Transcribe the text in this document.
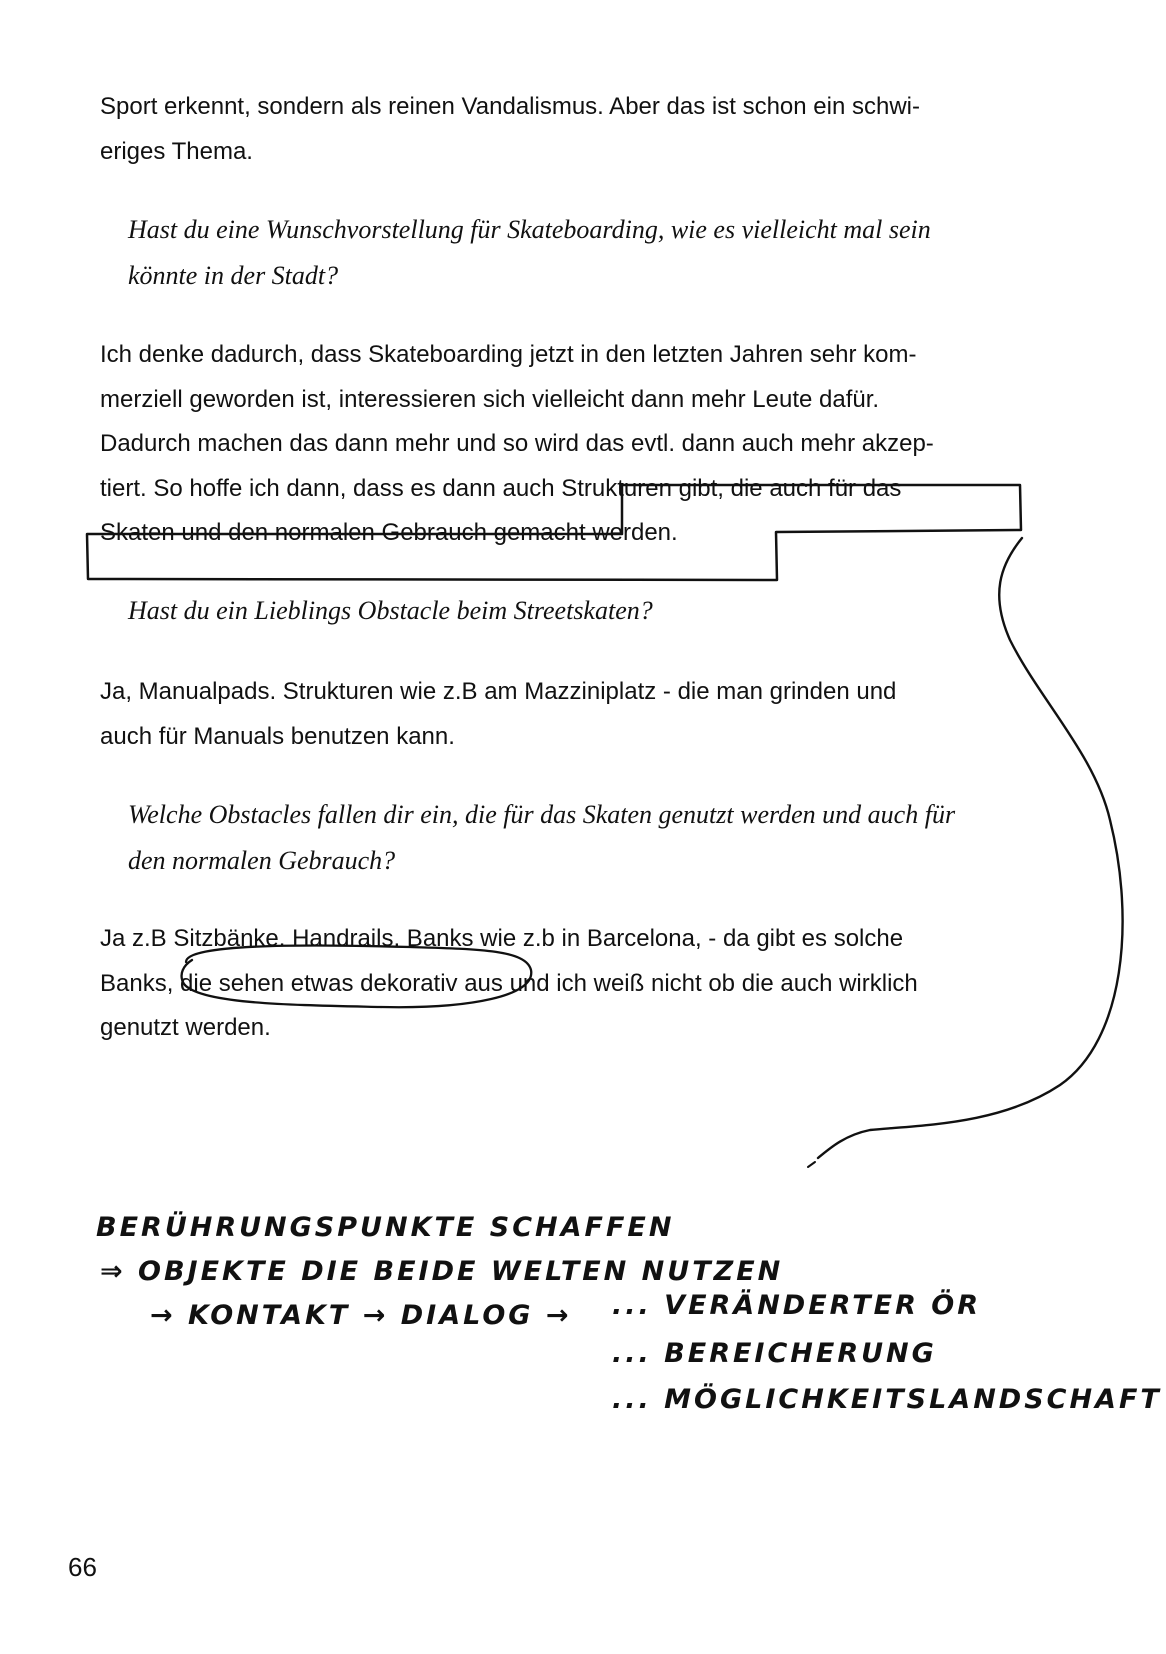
Sport erkennt, sondern als reinen Vandalismus. Aber das ist schon ein schwi-
eriges Thema.
Hast du eine Wunschvorstellung für Skateboarding, wie es vielleicht mal sein
könnte in der Stadt?
Ich denke dadurch, dass Skateboarding jetzt in den letzten Jahren sehr kom-
merziell geworden ist, interessieren sich vielleicht dann mehr Leute dafür.
Dadurch machen das dann mehr und so wird das evtl. dann auch mehr akzep-
tiert. So hoffe ich dann, dass es dann auch Strukturen gibt, die auch für das
Skaten und den normalen Gebrauch gemacht werden.
Hast du ein Lieblings Obstacle beim Streetskaten?
Ja, Manualpads. Strukturen wie z.B am Mazziniplatz - die man grinden und
auch für Manuals benutzen kann.
Welche Obstacles fallen dir ein, die für das Skaten genutzt werden und auch für
den normalen Gebrauch?
Ja z.B Sitzbänke. Handrails. Banks wie z.b in Barcelona, - da gibt es solche
Banks, die sehen etwas dekorativ aus und ich weiß nicht ob die auch wirklich
genutzt werden.
BERÜHRUNGSPUNKTE SCHAFFEN
⇒ OBJEKTE DIE BEIDE WELTEN NUTZEN
→ KONTAKT → DIALOG → ... VERÄNDERTER ÖR
... BEREICHERUNG
... MÖGLICHKEITSLANDSCHAFT
66
